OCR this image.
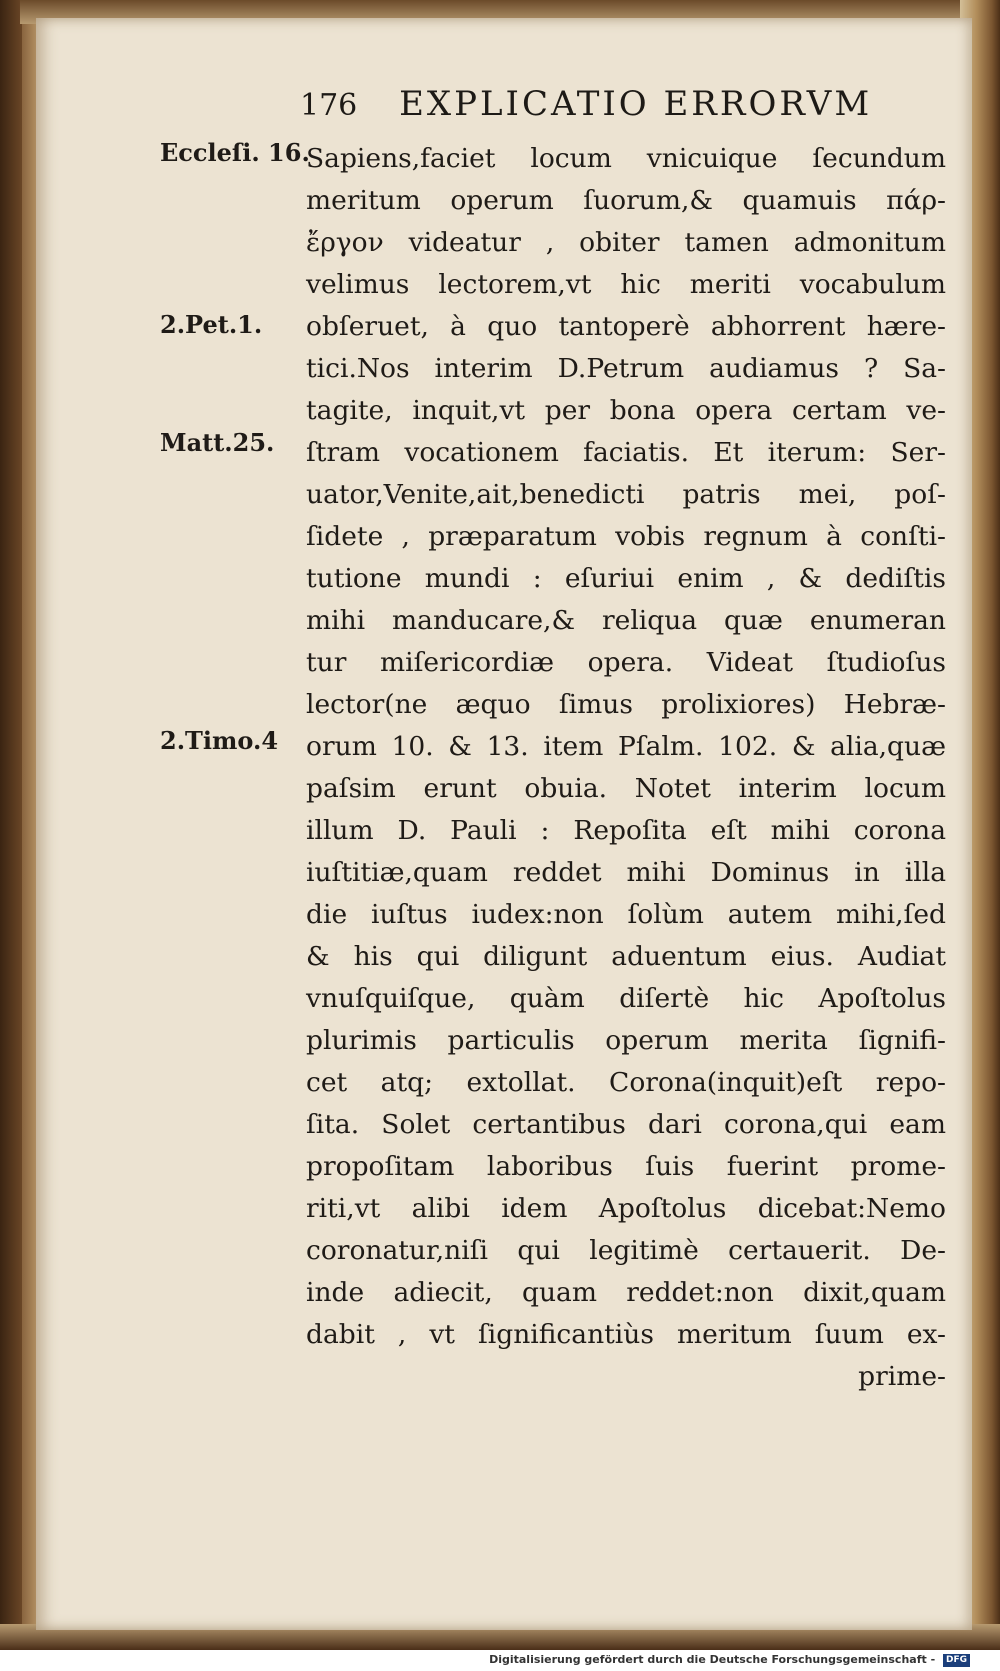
176 EXPLICATIO ERRORVM
Eccleſi. 16.
2.Pet.1.
Matt.25.
2.Timo.4
Sapiens,faciet locum vnicuique ſecundum
meritum operum ſuorum,& quamuis πάρ-
ἔργον videatur , obiter tamen admonitum
velimus lectorem,vt hic meriti vocabulum
obſeruet, à quo tantoperè abhorrent hære-
tici.Nos interim D.Petrum audiamus ? Sa-
tagite, inquit,vt per bona opera certam ve-
ſtram vocationem faciatis. Et iterum: Ser-
uator,Venite,ait,benedicti patris mei, poſ-
ſidete , præparatum vobis regnum à conſti-
tutione mundi : eſuriui enim , & dediſtis
mihi manducare,& reliqua quæ enumeran
tur miſericordiæ opera. Videat ſtudioſus
lector(ne æquo ſimus prolixiores) Hebræ-
orum 10. & 13. item Pſalm. 102. & alia,quæ
paſsim erunt obuia. Notet interim locum
illum D. Pauli : Repoſita eſt mihi corona
iuſtitiæ,quam reddet mihi Dominus in illa
die iuſtus iudex:non ſolùm autem mihi,ſed
& his qui diligunt aduentum eius. Audiat
vnuſquiſque, quàm diſertè hic Apoſtolus
plurimis particulis operum merita ſignifi-
cet atq; extollat. Corona(inquit)eſt repo-
ſita. Solet certantibus dari corona,qui eam
propoſitam laboribus ſuis fuerint prome-
riti,vt alibi idem Apoſtolus dicebat:Nemo
coronatur,niſi qui legitimè certauerit. De-
inde adiecit, quam reddet:non dixit,quam
dabit , vt ſignificantiùs meritum ſuum ex-
prime-
Digitalisierung gefördert durch die Deutsche Forschungsgemeinschaft - DFG
